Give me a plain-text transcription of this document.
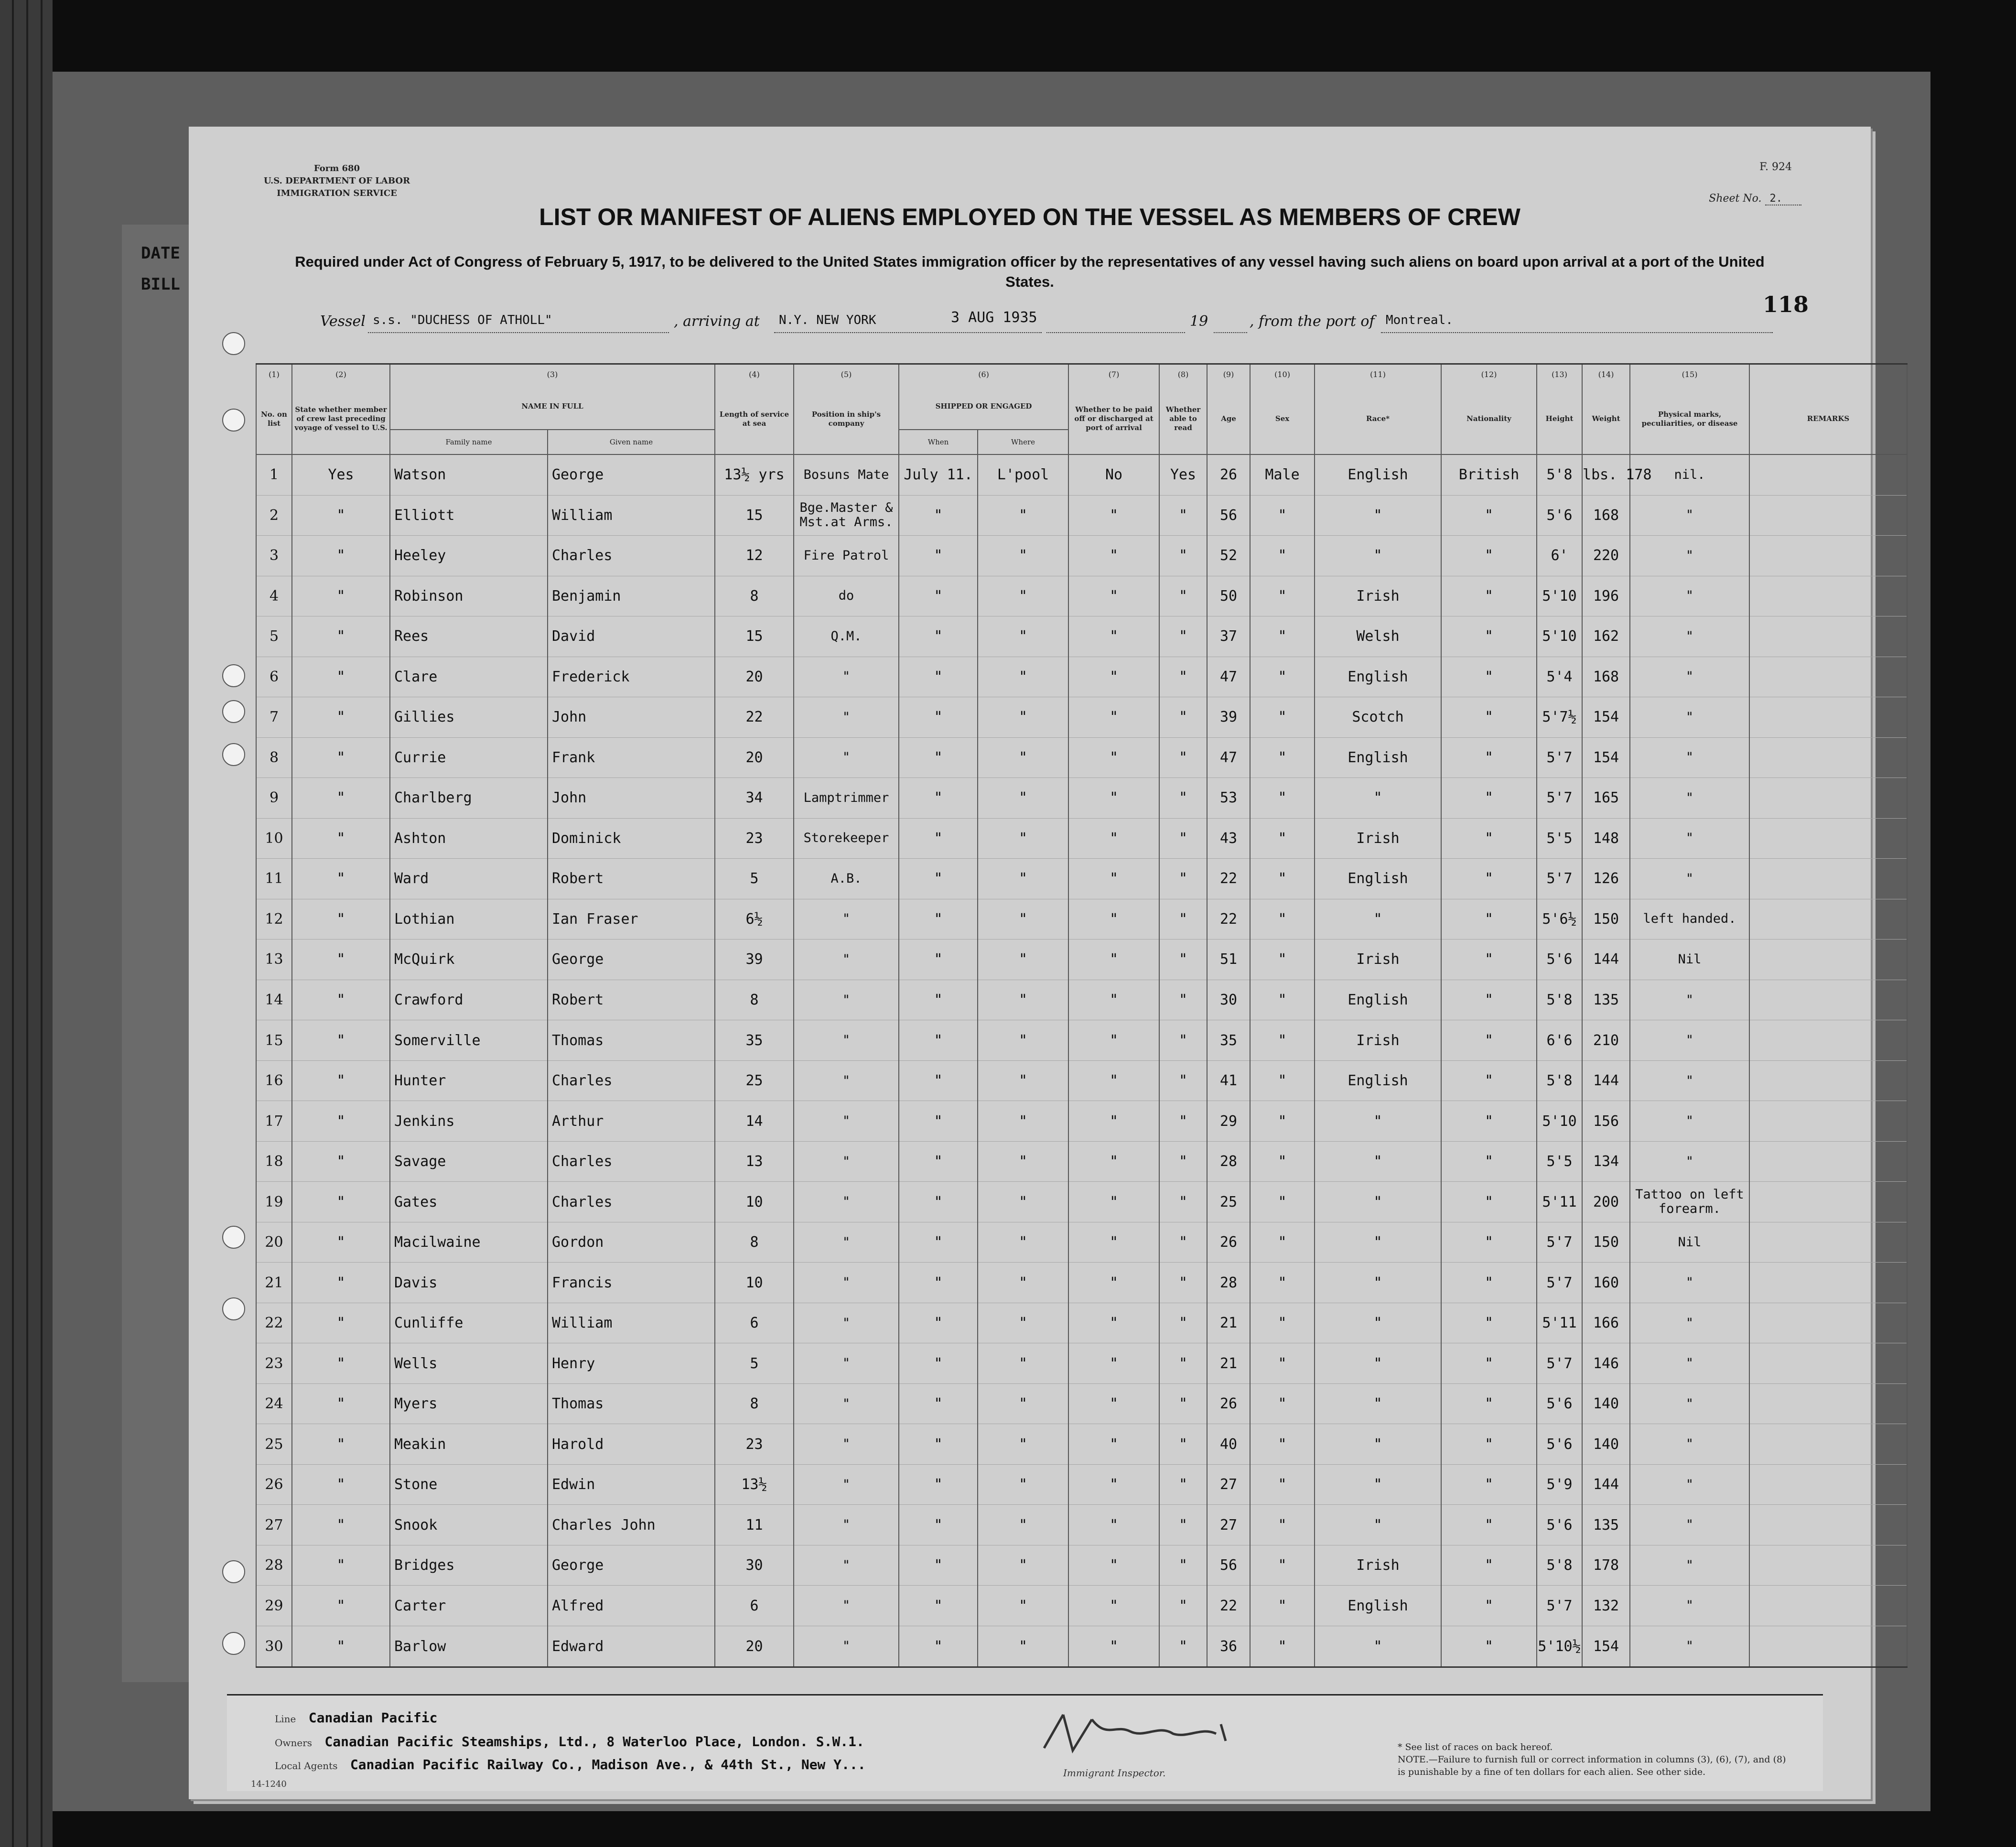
DATE
BILL
Form 680
U.S. DEPARTMENT OF LABOR
IMMIGRATION SERVICE
F. 924
Sheet No. 2.
LIST OR MANIFEST OF ALIENS EMPLOYED ON THE VESSEL AS MEMBERS OF CREW
Required under Act of Congress of February 5, 1917, to be delivered to the United States immigration officer by the representatives of any vessel having such aliens on board upon arrival at a port of the United States.
118
Vessel s.s. "DUCHESS OF ATHOLL"	, arriving at N.Y. NEW YORK	3 AUG 1935	19	, from the port of Montreal.
(1)	(2)	(3)		(4)	(5)	(6)		(7)	(8)	(9)	(10)	(11)	(12)	(13)	(14)	(15)	
No. on list	State whether member of crew last preceding voyage of vessel to U.S.	NAME IN FULL		Length of service at sea	Position in ship's company	SHIPPED OR ENGAGED		Whether to be paid off or discharged at port of arrival	Whether able to read	Age	Sex	Race*	Nationality	Height	Weight	Physical marks, peculiarities, or disease	REMARKS
		Family name	Given name			When	Where										
1	Yes	Watson	George	13½ yrs	Bosuns Mate	July 11.	L'pool	No	Yes	26	Male	English	British	5'8	lbs. 178	nil.	
2	"	Elliott	William	15	Bge.Master & Mst.at Arms.	"	"	"	"	56	"	"	"	5'6	168	"	
3	"	Heeley	Charles	12	Fire Patrol	"	"	"	"	52	"	"	"	6'	220	"	
4	"	Robinson	Benjamin	8	do	"	"	"	"	50	"	Irish	"	5'10	196	"	
5	"	Rees	David	15	Q.M.	"	"	"	"	37	"	Welsh	"	5'10	162	"	
6	"	Clare	Frederick	20	"	"	"	"	"	47	"	English	"	5'4	168	"	
7	"	Gillies	John	22	"	"	"	"	"	39	"	Scotch	"	5'7½	154	"	
8	"	Currie	Frank	20	"	"	"	"	"	47	"	English	"	5'7	154	"	
9	"	Charlberg	John	34	Lamptrimmer	"	"	"	"	53	"	"	"	5'7	165	"	
10	"	Ashton	Dominick	23	Storekeeper	"	"	"	"	43	"	Irish	"	5'5	148	"	
11	"	Ward	Robert	5	A.B.	"	"	"	"	22	"	English	"	5'7	126	"	
12	"	Lothian	Ian Fraser	6½	"	"	"	"	"	22	"	"	"	5'6½	150	left handed.	
13	"	McQuirk	George	39	"	"	"	"	"	51	"	Irish	"	5'6	144	Nil	
14	"	Crawford	Robert	8	"	"	"	"	"	30	"	English	"	5'8	135	"	
15	"	Somerville	Thomas	35	"	"	"	"	"	35	"	Irish	"	6'6	210	"	
16	"	Hunter	Charles	25	"	"	"	"	"	41	"	English	"	5'8	144	"	
17	"	Jenkins	Arthur	14	"	"	"	"	"	29	"	"	"	5'10	156	"	
18	"	Savage	Charles	13	"	"	"	"	"	28	"	"	"	5'5	134	"	
19	"	Gates	Charles	10	"	"	"	"	"	25	"	"	"	5'11	200	Tattoo on left forearm.	
20	"	Macilwaine	Gordon	8	"	"	"	"	"	26	"	"	"	5'7	150	Nil	
21	"	Davis	Francis	10	"	"	"	"	"	28	"	"	"	5'7	160	"	
22	"	Cunliffe	William	6	"	"	"	"	"	21	"	"	"	5'11	166	"	
23	"	Wells	Henry	5	"	"	"	"	"	21	"	"	"	5'7	146	"	
24	"	Myers	Thomas	8	"	"	"	"	"	26	"	"	"	5'6	140	"	
25	"	Meakin	Harold	23	"	"	"	"	"	40	"	"	"	5'6	140	"	
26	"	Stone	Edwin	13½	"	"	"	"	"	27	"	"	"	5'9	144	"	
27	"	Snook	Charles John	11	"	"	"	"	"	27	"	"	"	5'6	135	"	
28	"	Bridges	George	30	"	"	"	"	"	56	"	Irish	"	5'8	178	"	
29	"	Carter	Alfred	6	"	"	"	"	"	22	"	English	"	5'7	132	"	
30	"	Barlow	Edward	20	"	"	"	"	"	36	"	"	"	5'10½	154	"	
Line Canadian Pacific
Owners Canadian Pacific Steamships, Ltd., 8 Waterloo Place, London. S.W.1.
Local Agents Canadian Pacific Railway Co., Madison Ave., & 44th St., New Y...
14-1240
Immigrant Inspector.
* See list of races on back hereof.
NOTE.—Failure to furnish full or correct information in columns (3), (6), (7), and (8) is punishable by a fine of ten dollars for each alien. See other side.
